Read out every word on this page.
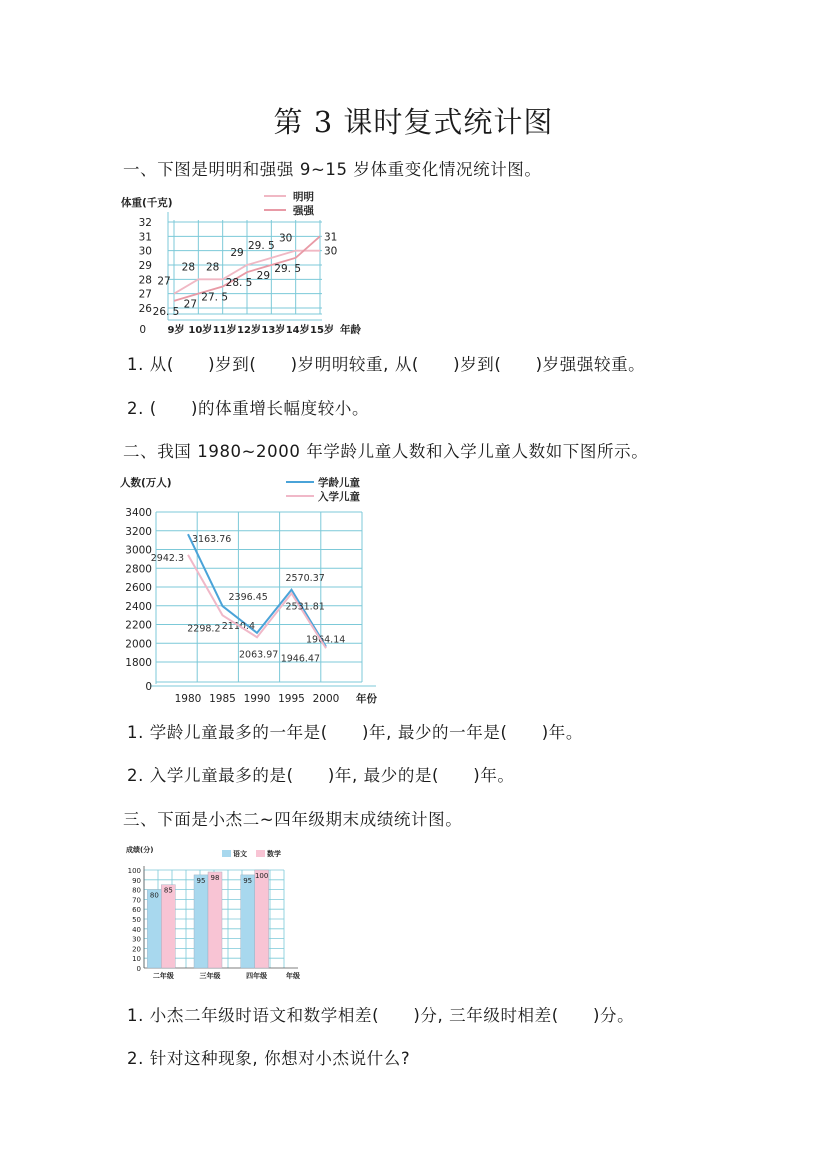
第 3 课时复式统计图
一、下图是明明和强强 9~15 岁体重变化情况统计图。
26
27
28
29
30
31
32
0 9岁 10岁 11岁 12岁 13岁 14岁 15岁 年龄
体重(千克)	明明
强强
27
28 28
29
29. 5
30
30
26. 5
27
27. 5
28. 5
29
29. 5
31
1. 从(　　)岁到(　　)岁明明较重, 从(　　)岁到(　　)岁强强较重。
2. (　　)的体重增长幅度较小。
二、我国 1980~2000 年学龄儿童人数和入学儿童人数如下图所示。
1800
2000
2200
2400
2600
2800
3000
3200
3400
0
1980 1985 1990 1995 2000 年份
人数(万人)	学龄儿童
入学儿童
3163.76
2396.45
2110.4
2570.37
1964.14
2942.3
2298.2
2063.97
2531.81
1946.47
1. 学龄儿童最多的一年是(　　)年, 最少的一年是(　　)年。
2. 入学儿童最多的是(　　)年, 最少的是(　　)年。
三、下面是小杰二~四年级期末成绩统计图。
10
20
30
40
50
60
70
80
90
100
0
成绩(分)
年级
语文	数学
二年级
80
85
三年级
95 98
四年级
95
100
1. 小杰二年级时语文和数学相差(　　)分, 三年级时相差(　　)分。
2. 针对这种现象, 你想对小杰说什么?
